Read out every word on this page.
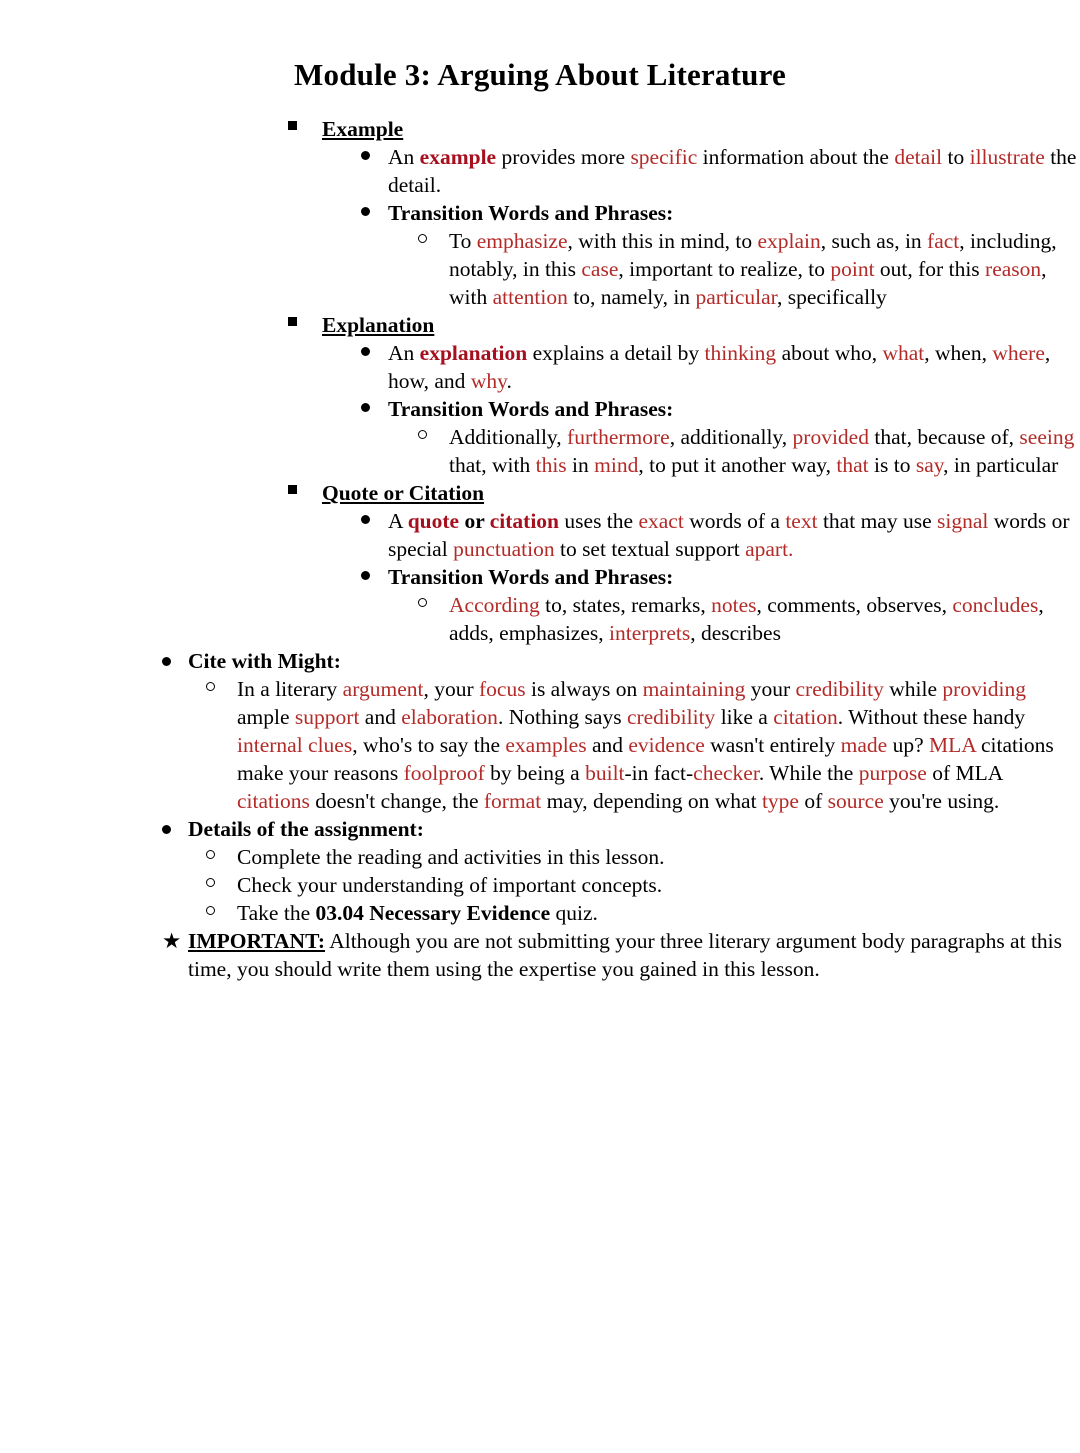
Module 3: Arguing About Literature
Example
An example provides more specific information about the detail to illustrate the detail.
Transition Words and Phrases:
To emphasize, with this in mind, to explain, such as, in fact, including, notably, in this case, important to realize, to point out, for this reason, with attention to, namely, in particular, specifically
Explanation
An explanation explains a detail by thinking about who, what, when, where, how, and why.
Transition Words and Phrases:
Additionally, furthermore, additionally, provided that, because of, seeing that, with this in mind, to put it another way, that is to say, in particular
Quote or Citation
A quote or citation uses the exact words of a text that may use signal words or special punctuation to set textual support apart.
Transition Words and Phrases:
According to, states, remarks, notes, comments, observes, concludes, adds, emphasizes, interprets, describes
Cite with Might:
In a literary argument, your focus is always on maintaining your credibility while providing ample support and elaboration. Nothing says credibility like a citation. Without these handy internal clues, who's to say the examples and evidence wasn't entirely made up? MLA citations make your reasons foolproof by being a built-in fact-checker. While the purpose of MLA citations doesn't change, the format may, depending on what type of source you're using.
Details of the assignment:
Complete the reading and activities in this lesson.
Check your understanding of important concepts.
Take the 03.04 Necessary Evidence quiz.
★ IMPORTANT: Although you are not submitting your three literary argument body paragraphs at this time, you should write them using the expertise you gained in this lesson.
